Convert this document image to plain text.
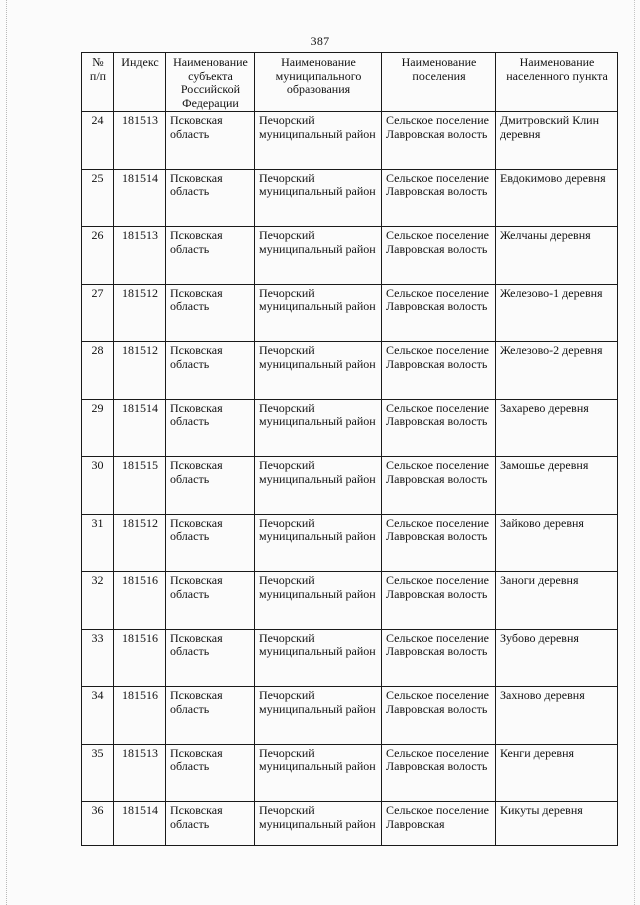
387
№ п/п	Индекс	Наименование субъекта Российской Федерации	Наименование муниципального образования	Наименование поселения	Наименование населенного пункта
24	181513	Псковская область	Печорский муниципальный район	Сельское поселение Лавровская волость	Дмитровский Клин деревня
25	181514	Псковская область	Печорский муниципальный район	Сельское поселение Лавровская волость	Евдокимово деревня
26	181513	Псковская область	Печорский муниципальный район	Сельское поселение Лавровская волость	Желчаны деревня
27	181512	Псковская область	Печорский муниципальный район	Сельское поселение Лавровская волость	Железово-1 деревня
28	181512	Псковская область	Печорский муниципальный район	Сельское поселение Лавровская волость	Железово-2 деревня
29	181514	Псковская область	Печорский муниципальный район	Сельское поселение Лавровская волость	Захарево деревня
30	181515	Псковская область	Печорский муниципальный район	Сельское поселение Лавровская волость	Замошье деревня
31	181512	Псковская область	Печорский муниципальный район	Сельское поселение Лавровская волость	Зайково деревня
32	181516	Псковская область	Печорский муниципальный район	Сельское поселение Лавровская волость	Заноги деревня
33	181516	Псковская область	Печорский муниципальный район	Сельское поселение Лавровская волость	Зубово деревня
34	181516	Псковская область	Печорский муниципальный район	Сельское поселение Лавровская волость	Захново деревня
35	181513	Псковская область	Печорский муниципальный район	Сельское поселение Лавровская волость	Кенги деревня
36	181514	Псковская область	Печорский муниципальный район	Сельское поселение Лавровская	Кикуты деревня
